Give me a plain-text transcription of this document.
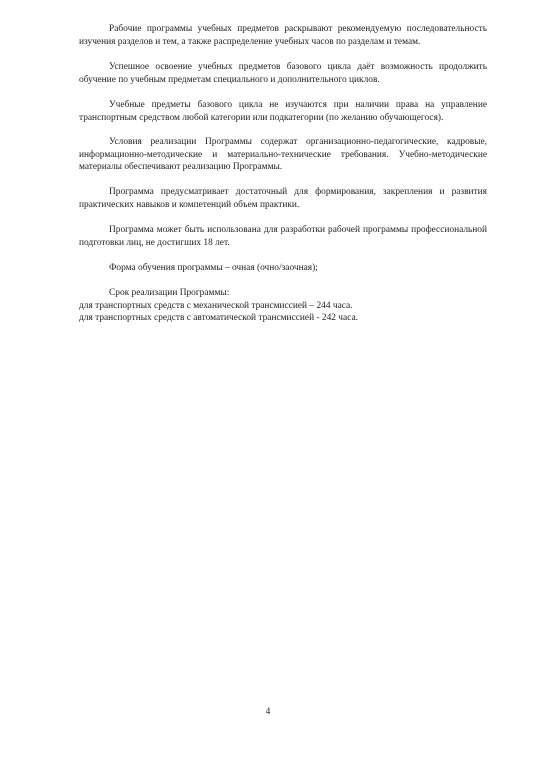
Рабочие программы учебных предметов раскрывают рекомендуемую последовательность изучения разделов и тем, а также распределение учебных часов по разделам и темам.
Успешное освоение учебных предметов базового цикла даёт возможность продолжить обучение по учебным предметам специального и дополнительного циклов.
Учебные предметы базового цикла не изучаются при наличии права на управление транспортным средством любой категории или подкатегории (по желанию обучающегося).
Условия реализации Программы содержат организационно-педагогические, кадровые, информационно-методические и материально-технические требования. Учебно-методические материалы обеспечивают реализацию Программы.
Программа предусматривает достаточный для формирования, закрепления и развития практических навыков и компетенций объем практики.
Программа может быть использована для разработки рабочей программы профессиональной подготовки лиц, не достигших 18 лет.
Форма обучения программы – очная (очно/заочная);
Срок реализации Программы:
для транспортных средств с механической трансмиссией – 244 часа.
для транспортных средств с автоматической трансмиссией - 242 часа.
4
